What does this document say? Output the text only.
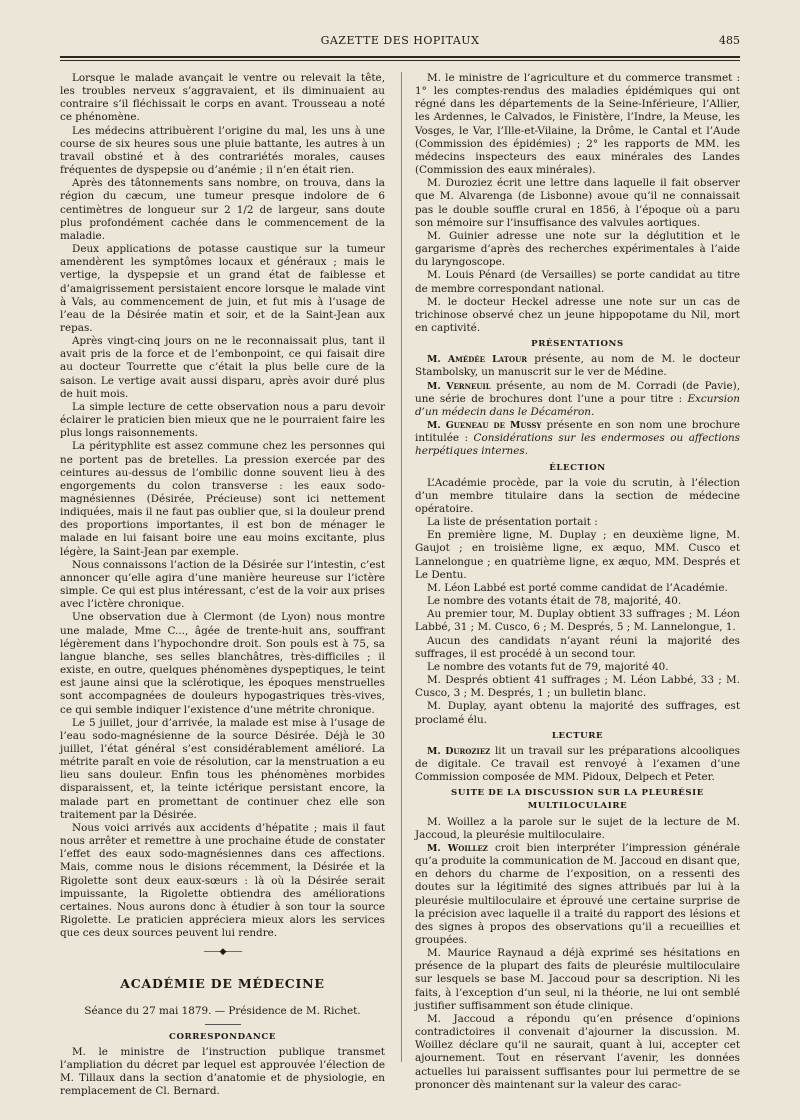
GAZETTE DES HOPITAUX	485

Lorsque le malade avançait le ventre ou relevait la tête, les troubles nerveux s’aggravaient, et ils diminuaient au contraire s’il fléchissait le corps en avant. Trousseau a noté ce phénomène.

Les médecins attribuèrent l’origine du mal, les uns à une course de six heures sous une pluie battante, les autres à un travail obstiné et à des contrariétés morales, causes fréquentes de dyspepsie ou d’anémie ; il n’en était rien.

Après des tâtonnements sans nombre, on trouva, dans la région du cæcum, une tumeur presque indolore de 6 centimètres de longueur sur 2 1/2 de largeur, sans doute plus profondément cachée dans le commencement de la maladie.

Deux applications de potasse caustique sur la tumeur amendèrent les symptômes locaux et généraux ; mais le vertige, la dyspepsie et un grand état de faiblesse et d’amaigrissement persistaient encore lorsque le malade vint à Vals, au commencement de juin, et fut mis à l’usage de l’eau de la Désirée matin et soir, et de la Saint-Jean aux repas.

Après vingt-cinq jours on ne le reconnaissait plus, tant il avait pris de la force et de l’embonpoint, ce qui faisait dire au docteur Tourrette que c’était la plus belle cure de la saison. Le vertige avait aussi disparu, après avoir duré plus de huit mois.

La simple lecture de cette observation nous a paru devoir éclairer le praticien bien mieux que ne le pourraient faire les plus longs raisonnements.

La pérityphlite est assez commune chez les personnes qui ne portent pas de bretelles. La pression exercée par des ceintures au-dessus de l’ombilic donne souvent lieu à des engorgements du colon transverse : les eaux sodo-magnésiennes (Désirée, Précieuse) sont ici nettement indiquées, mais il ne faut pas oublier que, si la douleur prend des proportions importantes, il est bon de ménager le malade en lui faisant boire une eau moins excitante, plus légère, la Saint-Jean par exemple.

Nous connaissons l’action de la Désirée sur l’intestin, c’est annoncer qu’elle agira d’une manière heureuse sur l’ictère simple. Ce qui est plus intéressant, c’est de la voir aux prises avec l’ictère chronique.

Une observation due à Clermont (de Lyon) nous montre une malade, Mme C..., âgée de trente-huit ans, souffrant légèrement dans l’hypochondre droit. Son pouls est à 75, sa langue blanche, ses selles blanchâtres, très-difficiles ; il existe, en outre, quelques phénomènes dyspeptiques, le teint est jaune ainsi que la sclérotique, les époques menstruelles sont accompagnées de douleurs hypogastriques très-vives, ce qui semble indiquer l’existence d’une métrite chronique.

Le 5 juillet, jour d’arrivée, la malade est mise à l’usage de l’eau sodo-magnésienne de la source Désirée. Déjà le 30 juillet, l’état général s’est considérablement amélioré. La métrite paraît en voie de résolution, car la menstruation a eu lieu sans douleur. Enfin tous les phénomènes morbides disparaissent, et, la teinte ictérique persistant encore, la malade part en promettant de continuer chez elle son traitement par la Désirée.

Nous voici arrivés aux accidents d’hépatite ; mais il faut nous arrêter et remettre à une prochaine étude de constater l’effet des eaux sodo-magnésiennes dans ces affections. Mais, comme nous le disions récemment, la Désirée et la Rigolette sont deux eaux-sœurs : là où la Désirée serait impuissante, la Rigolette obtiendra des améliorations certaines. Nous aurons donc à étudier à son tour la source Rigolette. Le praticien appréciera mieux alors les services que ces deux sources peuvent lui rendre.

——◆——
ACADÉMIE DE MÉDECINE
Séance du 27 mai 1879. — Présidence de M. Richet.
CORRESPONDANCE

M. le ministre de l’instruction publique transmet l’ampliation du décret par lequel est approuvée l’élection de M. Tillaux dans la section d’anatomie et de physiologie, en remplacement de Cl. Bernard.

M. le ministre de l’agriculture et du commerce transmet : 1° les comptes-rendus des maladies épidémiques qui ont régné dans les départements de la Seine-Inférieure, l’Allier, les Ardennes, le Calvados, le Finistère, l’Indre, la Meuse, les Vosges, le Var, l’Ille-et-Vilaine, la Drôme, le Cantal et l’Aude (Commission des épidémies) ; 2° les rapports de MM. les médecins inspecteurs des eaux minérales des Landes (Commission des eaux minérales).

M. Duroziez écrit une lettre dans laquelle il fait observer que M. Alvarenga (de Lisbonne) avoue qu’il ne connaissait pas le double souffle crural en 1856, à l’époque où a paru son mémoire sur l’insuffisance des valvules aortiques.

M. Guinier adresse une note sur la déglutition et le gargarisme d’après des recherches expérimentales à l’aide du laryngoscope.

M. Louis Pénard (de Versailles) se porte candidat au titre de membre correspondant national.

M. le docteur Heckel adresse une note sur un cas de trichinose observé chez un jeune hippopotame du Nil, mort en captivité.

PRÉSENTATIONS

M. Amédée Latour présente, au nom de M. le docteur Stambolsky, un manuscrit sur le ver de Médine.

M. Verneuil présente, au nom de M. Corradi (de Pavie), une série de brochures dont l’une a pour titre : Excursion d’un médecin dans le Décaméron.

M. Gueneau de Mussy présente en son nom une brochure intitulée : Considérations sur les endermoses ou affections herpétiques internes.

ÉLECTION

L’Académie procède, par la voie du scrutin, à l’élection d’un membre titulaire dans la section de médecine opératoire.

La liste de présentation portait :

En première ligne, M. Duplay ; en deuxième ligne, M. Gaujot ; en troisième ligne, ex æquo, MM. Cusco et Lannelongue ; en quatrième ligne, ex æquo, MM. Després et Le Dentu.

M. Léon Labbé est porté comme candidat de l’Académie.

Le nombre des votants était de 78, majorité, 40.

Au premier tour, M. Duplay obtient 33 suffrages ; M. Léon Labbé, 31 ; M. Cusco, 6 ; M. Després, 5 ; M. Lannelongue, 1.

Aucun des candidats n’ayant réuni la majorité des suffrages, il est procédé à un second tour.

Le nombre des votants fut de 79, majorité 40.

M. Després obtient 41 suffrages ; M. Léon Labbé, 33 ; M. Cusco, 3 ; M. Després, 1 ; un bulletin blanc.

M. Duplay, ayant obtenu la majorité des suffrages, est proclamé élu.

LECTURE

M. Duroziez lit un travail sur les préparations alcooliques de digitale. Ce travail est renvoyé à l’examen d’une Commission composée de MM. Pidoux, Delpech et Peter.

SUITE DE LA DISCUSSION SUR LA PLEURÉSIE MULTILOCULAIRE

M. Woillez a la parole sur le sujet de la lecture de M. Jaccoud, la pleurésie multiloculaire.

M. Woillez croit bien interpréter l’impression générale qu’a produite la communication de M. Jaccoud en disant que, en dehors du charme de l’exposition, on a ressenti des doutes sur la légitimité des signes attribués par lui à la pleurésie multiloculaire et éprouvé une certaine surprise de la précision avec laquelle il a traité du rapport des lésions et des signes à propos des observations qu’il a recueillies et groupées.

M. Maurice Raynaud a déjà exprimé ses hésitations en présence de la plupart des faits de pleurésie multiloculaire sur lesquels se base M. Jaccoud pour sa description. Ni les faits, à l’exception d’un seul, ni la théorie, ne lui ont semblé justifier suffisamment son étude clinique.

M. Jaccoud a répondu qu’en présence d’opinions contradictoires il convenait d’ajourner la discussion. M. Woillez déclare qu’il ne saurait, quant à lui, accepter cet ajournement. Tout en réservant l’avenir, les données actuelles lui paraissent suffisantes pour lui permettre de se prononcer dès maintenant sur la valeur des carac-
